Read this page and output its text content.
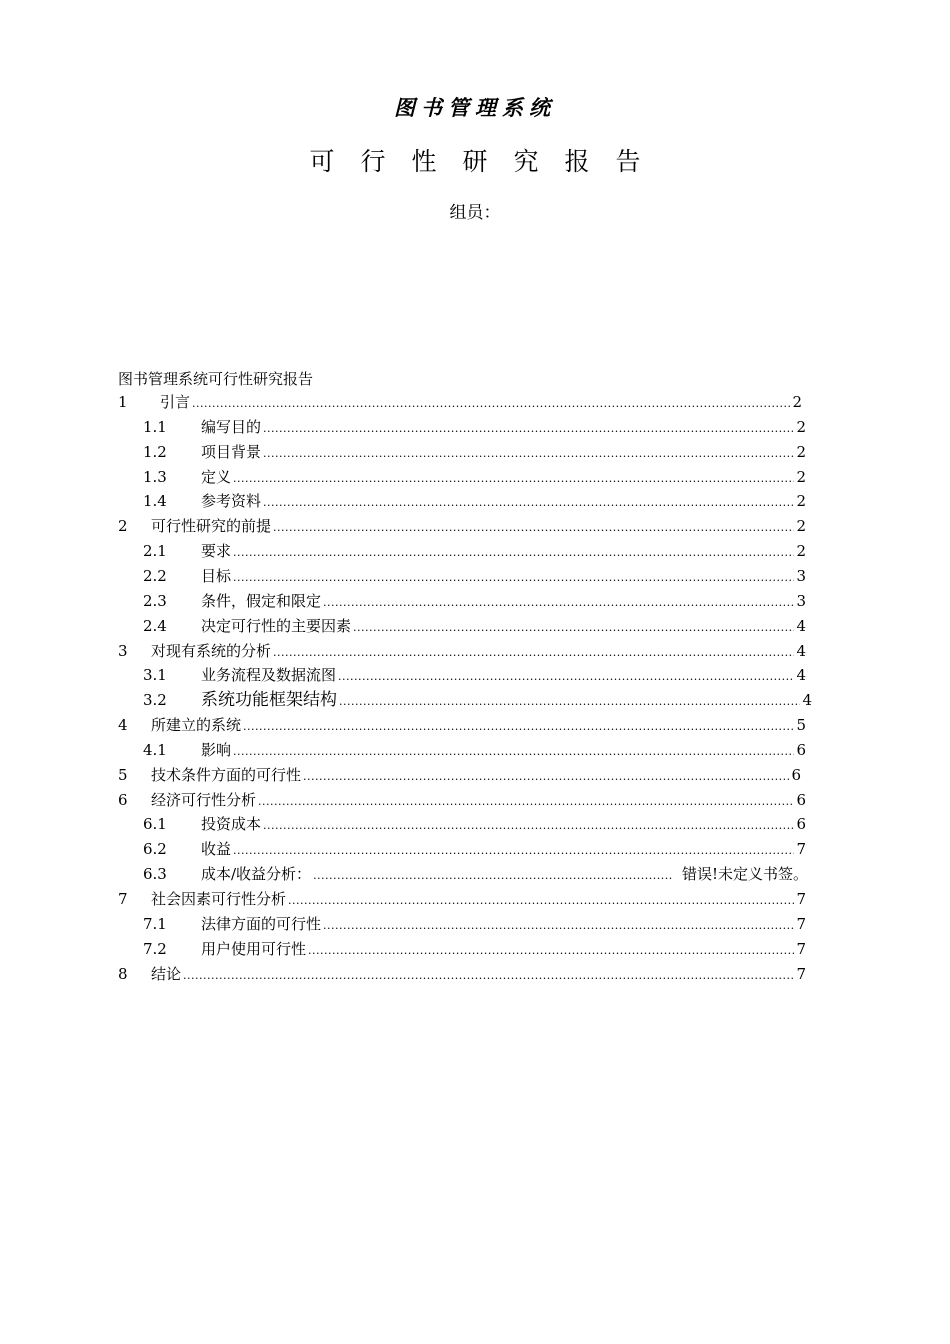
图书管理系统
可行性研究报告
组员：
图书管理系统可行性研究报告
1	引言 .....	2
1.1	编写目的 .....	2
1.2	项目背景 .....	2
1.3	定义 .....	2
1.4	参考资料 .....	2
2	可行性研究的前提 .....	2
2.1	要求 .....	2
2.2	目标 .....	3
2.3	条件，假定和限定 .....	3
2.4	决定可行性的主要因素 .....	4
3	对现有系统的分析 .....	4
3.1	业务流程及数据流图 .....	4
3.2	系统功能框架结构 .....	4
4	所建立的系统 .....	5
4.1	影响 .....	6
5	技术条件方面的可行性 .....	6
6	经济可行性分析 .....	6
6.1	投资成本 .....	6
6.2	收益 .....	7
6.3	成本/收益分析： .....	错误!未定义书签。
7	社会因素可行性分析 .....	7
7.1	法律方面的可行性 .....	7
7.2	用户使用可行性 .....	7
8	结论 .....	7
